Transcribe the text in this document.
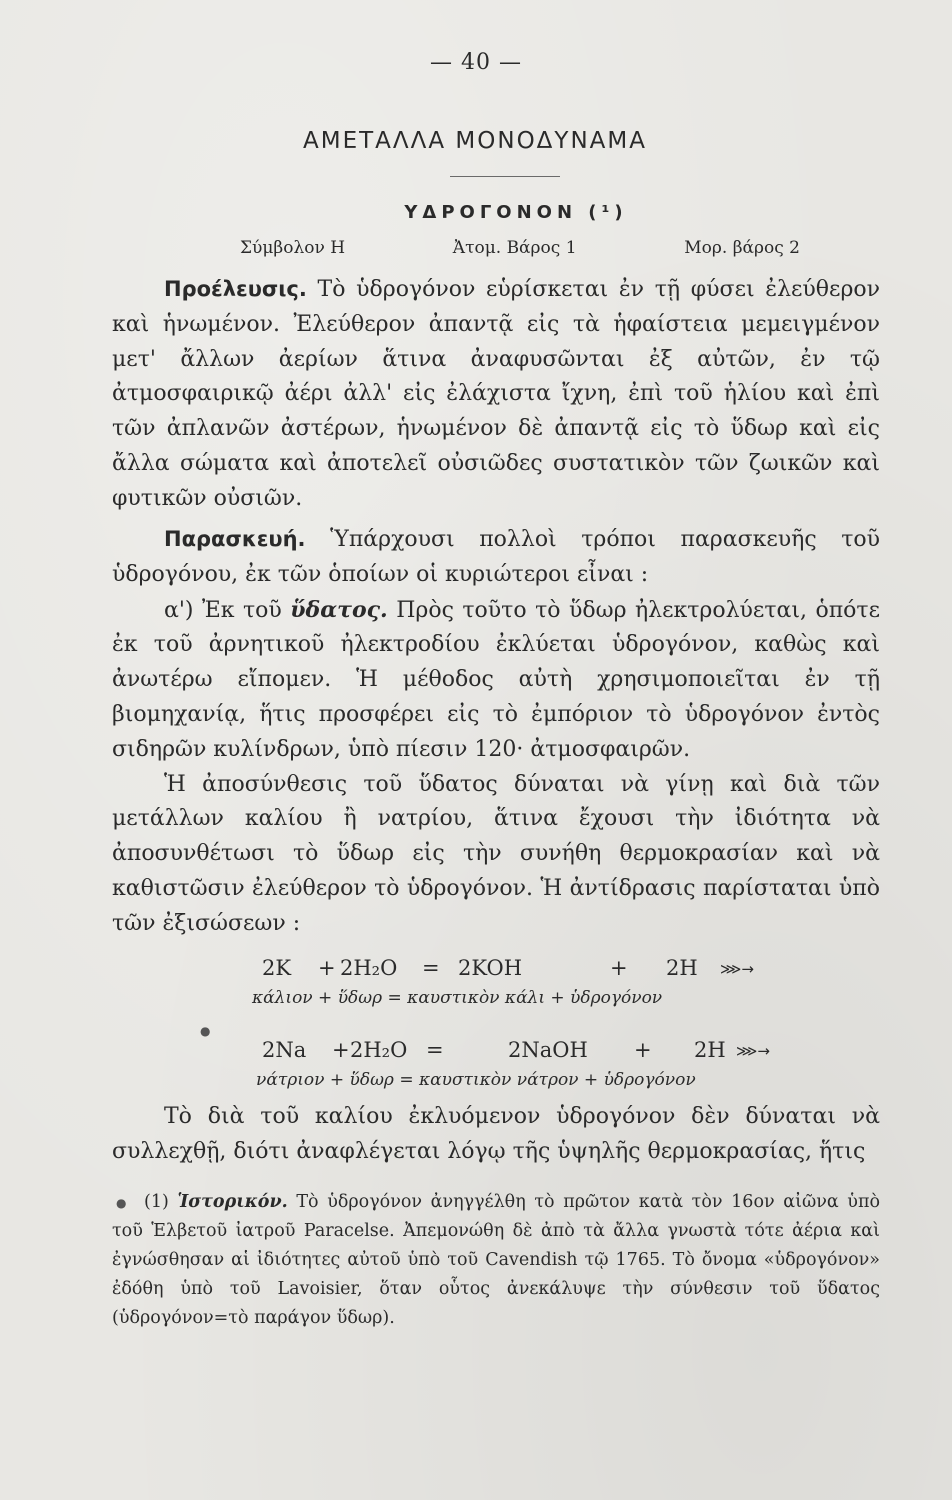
— 40 —
ΑΜΕΤΑΛΛΑ ΜΟΝΟΔΥΝΑΜΑ
ΥΔΡΟΓΟΝΟΝ (¹)
Σύμβολον Η	Ἀτομ. Βάρος 1	Μορ. βάρος 2

Προέλευσις. Τὸ ὑδρογόνον εὑρίσκεται ἐν τῇ φύσει ἐλεύθερον καὶ ἡνωμένον. Ἐλεύθερον ἀπαντᾷ εἰς τὰ ἡφαίστεια μεμειγμένον μετ' ἄλλων ἀερίων ἅτινα ἀναφυσῶνται ἐξ αὐτῶν, ἐν τῷ ἀτμοσφαιρικῷ ἀέρι ἀλλ' εἰς ἐλάχιστα ἴχνη, ἐπὶ τοῦ ἡλίου καὶ ἐπὶ τῶν ἀπλανῶν ἀστέρων, ἡνωμένον δὲ ἀπαντᾷ εἰς τὸ ὕδωρ καὶ εἰς ἄλλα σώματα καὶ ἀποτελεῖ οὐσιῶδες συστατικὸν τῶν ζωικῶν καὶ φυτικῶν οὐσιῶν.

Παρασκευή. Ὑπάρχουσι πολλοὶ τρόποι παρασκευῆς τοῦ ὑδρογόνου, ἐκ τῶν ὁποίων οἱ κυριώτεροι εἶναι :

α') Ἐκ τοῦ ὕδατος. Πρὸς τοῦτο τὸ ὕδωρ ἠλεκτρολύεται, ὁπότε ἐκ τοῦ ἀρνητικοῦ ἠλεκτροδίου ἐκλύεται ὑδρογόνον, καθὼς καὶ ἀνωτέρω εἴπομεν. Ἡ μέθοδος αὐτὴ χρησιμοποιεῖται ἐν τῇ βιομηχανίᾳ, ἥτις προσφέρει εἰς τὸ ἐμπόριον τὸ ὑδρογόνον ἐντὸς σιδηρῶν κυλίνδρων, ὑπὸ πίεσιν 120· ἀτμοσφαιρῶν.

Ἡ ἀποσύνθεσις τοῦ ὕδατος δύναται νὰ γίνῃ καὶ διὰ τῶν μετάλλων καλίου ἢ νατρίου, ἅτινα ἔχουσι τὴν ἰδιότητα νὰ ἀποσυνθέτωσι τὸ ὕδωρ εἰς τὴν συνήθη θερμοκρασίαν καὶ νὰ καθιστῶσιν ἐλεύθερον τὸ ὑδρογόνον. Ἡ ἀντίδρασις παρίσταται ὑπὸ τῶν ἐξισώσεων :

2K + 2H₂O = 2KOH	+ 2H ⋙→
κάλιον + ὕδωρ = καυστικὸν κάλι + ὑδρογόνον
2Na + 2H₂O =	2NaOH + 2H ⋙→
νάτριον + ὕδωρ = καυστικὸν νάτρον + ὑδρογόνον
●

Τὸ διὰ τοῦ καλίου ἐκλυόμενον ὑδρογόνον δὲν δύναται νὰ συλλεχθῇ, διότι ἀναφλέγεται λόγῳ τῆς ὑψηλῆς θερμοκρασίας, ἥτις

●	(1) Ἱστορικόν. Τὸ ὑδρογόνον ἀνηγγέλθη τὸ πρῶτον κατὰ τὸν 16ον αἰῶνα ὑπὸ τοῦ Ἑλβετοῦ ἰατροῦ Paracelse. Ἀπεμονώθη δὲ ἀπὸ τὰ ἄλλα γνωστὰ τότε ἀέρια καὶ ἐγνώσθησαν αἱ ἰδιότητες αὐτοῦ ὑπὸ τοῦ Cavendish τῷ 1765. Τὸ ὄνομα «ὑδρογόνον» ἐδόθη ὑπὸ τοῦ Lavoisier, ὅταν οὗτος ἀνεκάλυψε τὴν σύνθεσιν τοῦ ὕδατος (ὑδρογόνον=τὸ παράγον ὕδωρ).
